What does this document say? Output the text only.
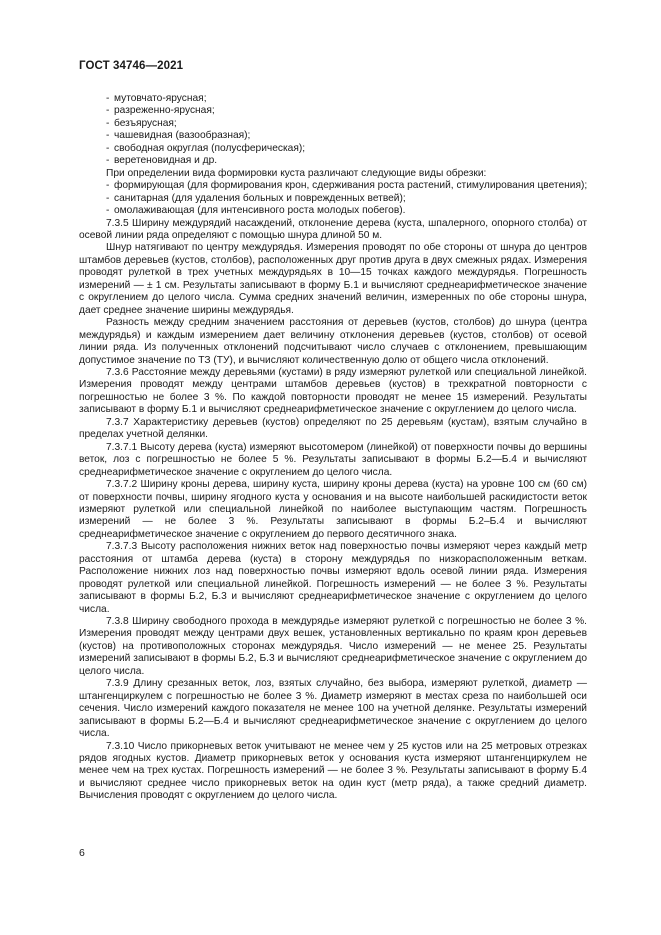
ГОСТ 34746—2021
- мутовчато-ярусная;
- разреженно-ярусная;
- безъярусная;
- чашевидная (вазообразная);
- свободная округлая (полусферическая);
- веретеновидная и др.
При определении вида формировки куста различают следующие виды обрезки:
- формирующая (для формирования крон, сдерживания роста растений, стимулирования цветения);
- санитарная (для удаления больных и поврежденных ветвей);
- омолаживающая (для интенсивного роста молодых побегов).
7.3.5 Ширину междурядий насаждений, отклонение дерева (куста, шпалерного, опорного столба) от осевой линии ряда определяют с помощью шнура длиной 50 м.
Шнур натягивают по центру междурядья. Измерения проводят по обе стороны от шнура до центров штамбов деревьев (кустов, столбов), расположенных друг против друга в двух смежных рядах. Измерения проводят рулеткой в трех учетных междурядьях в 10—15 точках каждого междурядья. Погрешность измерений — ± 1 см. Результаты записывают в форму Б.1 и вычисляют среднеарифметическое значение с округлением до целого числа. Сумма средних значений величин, измеренных по обе стороны шнура, дает среднее значение ширины междурядья.
Разность между средним значением расстояния от деревьев (кустов, столбов) до шнура (центра междурядья) и каждым измерением дает величину отклонения деревьев (кустов, столбов) от осевой линии ряда. Из полученных отклонений подсчитывают число случаев с отклонением, превышающим допустимое значение по ТЗ (ТУ), и вычисляют количественную долю от общего числа отклонений.
7.3.6 Расстояние между деревьями (кустами) в ряду измеряют рулеткой или специальной линейкой. Измерения проводят между центрами штамбов деревьев (кустов) в трехкратной повторности с погрешностью не более 3 %. По каждой повторности проводят не менее 15 измерений. Результаты записывают в форму Б.1 и вычисляют среднеарифметическое значение с округлением до целого числа.
7.3.7 Характеристику деревьев (кустов) определяют по 25 деревьям (кустам), взятым случайно в пределах учетной делянки.
7.3.7.1 Высоту дерева (куста) измеряют высотомером (линейкой) от поверхности почвы до вершины веток, лоз с погрешностью не более 5 %. Результаты записывают в формы Б.2—Б.4 и вычисляют среднеарифметическое значение с округлением до целого числа.
7.3.7.2 Ширину кроны дерева, ширину куста, ширину кроны дерева (куста) на уровне 100 см (60 см) от поверхности почвы, ширину ягодного куста у основания и на высоте наибольшей раскидистости веток измеряют рулеткой или специальной линейкой по наиболее выступающим частям. Погрешность измерений — не более 3 %. Результаты записывают в формы Б.2–Б.4 и вычисляют среднеарифметическое значение с округлением до первого десятичного знака.
7.3.7.3 Высоту расположения нижних веток над поверхностью почвы измеряют через каждый метр расстояния от штамба дерева (куста) в сторону междурядья по низкорасположенным веткам. Расположение нижних лоз над поверхностью почвы измеряют вдоль осевой линии ряда. Измерения проводят рулеткой или специальной линейкой. Погрешность измерений — не более 3 %. Результаты записывают в формы Б.2, Б.3 и вычисляют среднеарифметическое значение с округлением до целого числа.
7.3.8 Ширину свободного прохода в междурядье измеряют рулеткой с погрешностью не более 3 %. Измерения проводят между центрами двух вешек, установленных вертикально по краям крон деревьев (кустов) на противоположных сторонах междурядья. Число измерений — не менее 25. Результаты измерений записывают в формы Б.2, Б.3 и вычисляют среднеарифметическое значение с округлением до целого числа.
7.3.9 Длину срезанных веток, лоз, взятых случайно, без выбора, измеряют рулеткой, диаметр — штангенциркулем с погрешностью не более 3 %. Диаметр измеряют в местах среза по наибольшей оси сечения. Число измерений каждого показателя не менее 100 на учетной делянке. Результаты измерений записывают в формы Б.2—Б.4 и вычисляют среднеарифметическое значение с округлением до целого числа.
7.3.10 Число прикорневых веток учитывают не менее чем у 25 кустов или на 25 метровых отрезках рядов ягодных кустов. Диаметр прикорневых веток у основания куста измеряют штангенциркулем не менее чем на трех кустах. Погрешность измерений — не более 3 %. Результаты записывают в форму Б.4 и вычисляют среднее число прикорневых веток на один куст (метр ряда), а также средний диаметр. Вычисления проводят с округлением до целого числа.
6
